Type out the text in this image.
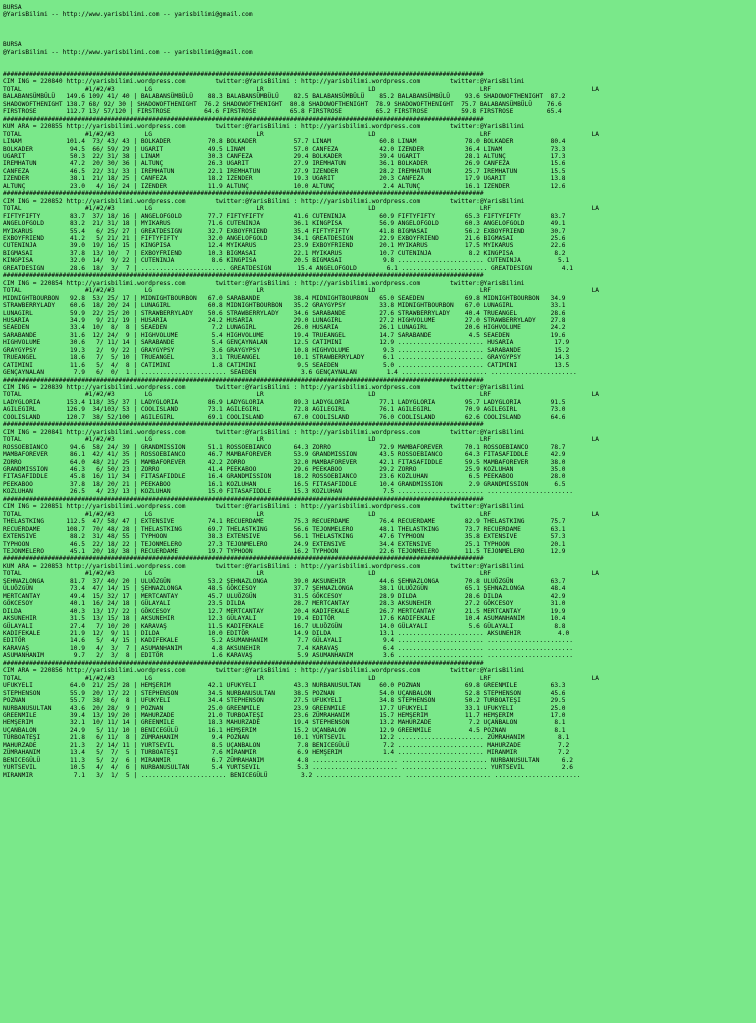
BURSA
@YarisBilimi -- http://www.yarisbilimi.com -- yarisbilimi@gmail.com
BURSA
@YarisBilimi -- http://www.yarisbilimi.com -- yarisbilimi@gmail.com
#################################################################################################################################
CIM ING = 220840 http://yarisbilimi.wordpress.com        twitter:@YarisBilimi : http://yarisbilimi.wordpress.com        twitter:@YarisBilimi
TOTAL                 #1/#2/#3        LG                            LR                            LD                            LRF                           LA
BALABANSÜMBÜLÜ   149.6 109/ 41/ 40 | BALABANSÜMBÜLÜ    88.3 BALABANSÜMBÜLÜ    82.5 BALABANSÜMBÜLÜ    85.2 BALABANSÜMBÜLÜ    93.6 SHADOWOFTHENIGHT  87.2
SHADOWOFTHENIGHT 138.7 68/ 92/ 30 | SHADOWOFTHENIGHT  76.2 SHADOWOFTHENIGHT  80.8 SHADOWOFTHENIGHT  78.9 SHADOWOFTHENIGHT  75.7 BALABANSÜMBÜLÜ    76.6
FIRSTROSE        112.7 13/ 57/120 | FIRSTROSE         64.6 FIRSTROSE         65.8 FIRSTROSE         65.2 FIRSTROSE         59.8 FIRSTROSE         65.4
#################################################################################################################################
KUM ARA = 220855 http://yarisbilimi.wordpress.com        twitter:@YarisBilimi : http://yarisbilimi.wordpress.com        twitter:@YarisBilimi
TOTAL                 #1/#2/#3        LG                            LR                            LD                            LRF                           LA
LINAM            101.4  73/ 43/ 43 | BOLKADER          70.8 BOLKADER          57.7 LINAM             60.8 LINAM             78.0 BOLKADER          80.4
BOLKADER          94.5  66/ 59/ 29 | UGARIT            49.5 LINAM             57.0 CANFEZA           42.0 IZENDER           36.4 LINAM             73.3
UGARIT            50.3  22/ 31/ 38 | LINAM             30.3 CANFEZA           29.4 BOLKADER          39.4 UGARIT            28.1 ALTUNÇ            17.3
IREMHATUN         47.2  20/ 30/ 36 | ALTUNÇ            26.3 UGARIT            27.9 IREMHATUN         36.1 BOLKADER          26.9 CANFEZA           15.6
CANFEZA           46.5  22/ 31/ 33 | IREMHATUN         22.1 IREMHATUN         27.9 IZENDER           28.2 IREMHATUN         25.7 IREMHATUN         15.5
IZENDER           38.1  21/ 18/ 25 | CANFEZA           18.2 IZENDER           19.3 UGARIT            20.3 CANFEZA           17.9 UGARIT            13.8
ALTUNÇ            23.0   4/ 16/ 24 | IZENDER           11.9 ALTUNÇ            10.0 ALTUNÇ             2.4 ALTUNÇ            16.1 IZENDER           12.6
#################################################################################################################################
CIM ING = 220852 http://yarisbilimi.wordpress.com        twitter:@YarisBilimi : http://yarisbilimi.wordpress.com        twitter:@YarisBilimi
TOTAL                 #1/#2/#3        LG                            LR                            LD                            LRF                           LA
FIFTYFIFTY        83.7  37/ 18/ 16 | ANGELOFGOLD       77.7 FIFTYFIFTY        41.6 CUTENINJA         60.9 FIFTYFIFTY        65.3 FIFTYFIFTY        83.7
ANGELOFGOLD       83.2  21/ 31/ 18 | MYIKARUS          71.6 CUTENINJA         36.1 KINGPISA          56.9 ANGELOFGOLD       60.3 ANGELOFGOLD       49.1
MYIKARUS          55.4   6/ 25/ 27 | GREATDESIGN       32.7 EXBOYFRIEND       35.4 FIFTYFIFTY        41.8 BIGMASAI          56.2 EXBOYFRIEND       30.7
EXBOYFRIEND       41.2   5/ 21/ 21 | FIFTYFIFTY        32.0 ANGELOFGOLD       34.1 GREATDESIGN       22.9 EXBOYFRIEND       21.6 BIGMASAI          25.6
CUTENINJA         39.0  19/ 16/ 15 | KINGPISA          12.4 MYIKARUS          23.9 EXBOYFRIEND       20.1 MYIKARUS          17.5 MYIKARUS          22.6
BIGMASAI          37.8  13/ 10/  7 | EXBOYFRIEND       10.3 BIGMASAI          22.1 MYIKARUS          10.7 CUTENINJA          8.2 KINGPISA           8.2
KINGPISA          32.0  14/  9/ 22 | CUTENINJA          8.6 KINGPISA          20.5 BIGMASAI           9.8 ....................... CUTENINJA          5.1
GREATDESIGN       28.6  18/  3/  7 | ....................... GREATDESIGN       15.4 ANGELOFGOLD        6.1 ....................... GREATDESIGN        4.1
#################################################################################################################################
CIM ING = 220854 http://yarisbilimi.wordpress.com        twitter:@YarisBilimi : http://yarisbilimi.wordpress.com        twitter:@YarisBilimi
TOTAL                 #1/#2/#3        LG                            LR                            LD                            LRF                           LA
MIDNIGHTBOURBON   92.8  53/ 25/ 17 | MIDNIGHTBOURBON   67.0 SARABANDE         38.4 MIDNIGHTBOURBON   65.0 SEAEDEN           69.8 MIDNIGHTBOURBON   34.9
STRAWBERRYLADY    60.6  18/ 20/ 24 | LUNAGIRL          60.8 MIDNIGHTBOURBON   35.2 GRAYGYPSY         33.8 MIDNIGHTBOURBON   67.0 LUNAGIRL          33.1
LUNAGIRL          59.9  22/ 25/ 20 | STRAWBERRYLADY    50.6 STRAWBERRYLADY    34.6 SARABANDE         27.6 STRAWBERRYLADY    40.4 TRUEANGEL         28.6
HUSARIA           34.9   9/ 21/ 19 | HUSARIA           24.2 HUSARIA           29.0 LUNAGIRL          27.2 HIGHVOLUME        27.0 STRAWBERRYLADY    27.8
SEAEDEN           33.4  10/  8/  8 | SEAEDEN            7.2 LUNAGIRL          26.0 HUSARIA           26.1 LUNAGIRL          20.6 HIGHVOLUME        24.2
SARABANDE         31.6  12/ 24/  9 | HIGHVOLUME         5.4 HIGHVOLUME        19.4 TRUEANGEL         14.7 SARABANDE          4.5 SEAEDEN           19.6
HIGHVOLUME        30.6   7/ 11/ 14 | SARABANDE          5.4 GENÇAYNALAN       12.5 CATIMINI          12.9 ....................... HUSARIA           17.9
GRAYGYPSY         19.3   2/  9/ 22 | GRAYGYPSY          3.6 GRAYGYPSY         10.8 HIGHVOLUME         9.3 ....................... SARABANDE         15.2
TRUEANGEL         18.6   7/  5/ 10 | TRUEANGEL          3.1 TRUEANGEL         10.1 STRAWBERRYLADY     6.1 ....................... GRAYGYPSY         14.3
CATIMINI          11.6   5/  4/  8 | CATIMINI           1.8 CATIMINI           9.5 SEAEDEN            5.0 ....................... CATIMINI          13.5
GENÇAYNALAN        7.9   6/  0/  1 | ....................... SEAEDEN            3.6 GENÇAYNALAN        1.4 ....................... .......................
#################################################################################################################################
CIM ING = 220839 http://yarisbilimi.wordpress.com        twitter:@YarisBilimi : http://yarisbilimi.wordpress.com        twitter:@YarisBilimi
TOTAL                 #1/#2/#3        LG                            LR                            LD                            LRF                           LA
LADYGLORIA       153.4 118/ 35/ 37 | LADYGLORIA        86.9 LADYGLORIA        89.3 LADYGLORIA        77.1 LADYGLORIA        95.7 LADYGLORIA        91.5
AGILEGIRL        126.9  34/103/ 53 | COOLISLAND        73.1 AGILEGIRL         72.8 AGILEGIRL         76.1 AGILEGIRL         70.9 AGILEGIRL         73.0
COOLISLAND       120.7  38/ 52/100 | AGILEGIRL         69.1 COOLISLAND        67.0 COOLISLAND        76.0 COOLISLAND        62.6 COOLISLAND        64.6
#################################################################################################################################
CIM ING = 220841 http://yarisbilimi.wordpress.com        twitter:@YarisBilimi : http://yarisbilimi.wordpress.com        twitter:@YarisBilimi
TOTAL                 #1/#2/#3        LG                            LR                            LD                            LRF                           LA
ROSSOEBIANCO      94.6  58/ 24/ 39 | GRANDMISSION      51.1 ROSSOEBIANCO      64.3 ZORRO             72.9 MAMBAFOREVER      70.1 ROSSOEBIANCO      78.7
MAMBAFOREVER      86.1  42/ 41/ 35 | ROSSOEBIANCO      46.7 MAMBAFOREVER      53.9 GRANDMISSION      43.5 ROSSOEBIANCO      64.3 FITASAFIDDLE      42.9
ZORRO             64.0  48/ 21/ 25 | MAMBAFOREVER      42.2 ZORRO             32.0 MAMBAFOREVER      42.1 FITASAFIDDLE      59.5 MAMBAFOREVER      38.0
GRANDMISSION      46.3   6/ 50/ 23 | ZORRO             41.4 PEEKABOO          29.6 PEEKABOO          29.2 ZORRO             25.9 KOZLUHAN          35.0
FITASAFIDDLE      45.8  16/ 11/ 34 | FITASAFIDDLE      16.4 GRANDMISSION      18.2 ROSSOEBIANCO      23.6 KOZLUHAN           6.5 PEEKABOO          28.0
PEEKABOO          37.8  18/ 20/ 21 | PEEKABOO          16.1 KOZLUHAN          16.5 FITASAFIDDLE      10.4 GRANDMISSION       2.9 GRANDMISSION       6.5
KOZLUHAN          26.5   4/ 23/ 13 | KOZLUHAN          15.0 FITASAFIDDLE      15.3 KOZLUHAN           7.5 ....................... .......................
#################################################################################################################################
CIM ING = 220851 http://yarisbilimi.wordpress.com        twitter:@YarisBilimi : http://yarisbilimi.wordpress.com        twitter:@YarisBilimi
TOTAL                 #1/#2/#3        LG                            LR                            LD                            LRF                           LA
THELASTKING      112.5  47/ 58/ 47 | EXTENSIVE         74.1 RECUERDAME        75.3 RECUERDAME        76.4 RECUERDAME        82.9 THELASTKING       75.7
RECUERDAME       108.7  70/ 48/ 28 | THELASTKING       69.7 THELASTKING       56.6 TEJONMELERO       48.1 THELASTKING       73.7 RECUERDAME        63.1
EXTENSIVE         88.2  31/ 48/ 55 | TYPHOON           38.3 EXTENSIVE         56.1 THELASTKING       47.6 TYPHOON           35.8 EXTENSIVE         57.3
TYPHOON           46.5  22/ 18/ 22 | TEJONMELERO       27.3 TEJONMELERO       24.9 EXTENSIVE         34.4 EXTENSIVE         25.1 TYPHOON           20.1
TEJONMELERO       45.1  20/ 18/ 38 | RECUERDAME        19.7 TYPHOON           16.2 TYPHOON           22.6 TEJONMELERO       11.5 TEJONMELERO       12.9
#################################################################################################################################
KUM ARA = 220853 http://yarisbilimi.wordpress.com        twitter:@YarisBilimi : http://yarisbilimi.wordpress.com        twitter:@YarisBilimi
TOTAL                 #1/#2/#3        LG                            LR                            LD                            LRF                           LA
ŞEHNAZLONGA       81.7  37/ 40/ 20 | ULUÖZGÜN          53.2 ŞEHNAZLONGA       39.0 AKSUNEHIR         44.6 ŞEHNAZLONGA       70.8 ULUÖZGÜN          63.7
ULUÖZGÜN          73.4  47/ 14/ 15 | ŞEHNAZLONGA       48.5 GÖKCESOY          37.7 ŞEHNAZLONGA       38.1 ULUÖZGÜN          65.1 ŞEHNAZLONGA       48.4
MERTCANTAY        49.4  15/ 32/ 17 | MERTCANTAY        45.7 ULUÖZGÜN          31.5 GÖKCESOY          28.9 DILDA             28.6 DILDA             42.9
GÖKCESOY          40.1  16/ 24/ 18 | GÜLAYALI          23.5 DILDA             28.7 MERTCANTAY        28.3 AKSUNEHIR         27.2 GÖKCESOY          31.0
DILDA             40.3  13/ 17/ 22 | GÖKCESOY          12.7 MERTCANTAY        20.4 KADIFEKALE        26.7 MERTCANTAY        21.5 MERTCANTAY        19.9
AKSUNEHIR         31.5  13/ 15/ 18 | AKSUNEHIR         12.3 GÜLAYALI          19.4 EDITÖR            17.6 KADIFEKALE        10.4 ASUMANHANIM       10.4
GÜLAYALI          27.4   7/ 10/ 20 | KARAVAŞ           11.5 KADIFEKALE        16.7 ULUÖZGÜN          14.0 GÜLAYALI           5.6 GÜLAYALI           8.8
KADIFEKALE        21.9  12/  9/ 11 | DILDA             10.0 EDITÖR            14.9 DILDA             13.1 ....................... AKSUNEHIR          4.0
EDITÖR            14.6   5/  4/ 15 | KADIFEKALE         5.2 ASUMANHANIM        7.7 GÜLAYALI           9.4 ....................... .......................
KARAVAŞ           10.9   4/  3/  7 | ASUMANHANIM        4.8 AKSUNEHIR          7.4 KARAVAŞ            6.4 ....................... .......................
ASUMANHANIM        9.7   2/  3/  8 | EDITÖR             1.6 KARAVAŞ            5.9 ASUMANHANIM        3.6 ....................... .......................
#################################################################################################################################
CIM ARA = 220856 http://yarisbilimi.wordpress.com        twitter:@YarisBilimi : http://yarisbilimi.wordpress.com        twitter:@YarisBilimi
TOTAL                 #1/#2/#3        LG                            LR                            LD                            LRF                           LA
UFUKYELI          64.0  21/ 25/ 28 | HEMŞERIM          42.1 UFUKYELI          43.3 NURBANUSULTAN     60.0 POZNAN            69.8 GREENMILE         63.3
STEPHENSON        55.9  20/ 17/ 22 | STEPHENSON        34.5 NURBANUSULTAN     38.5 POZNAN            54.0 UÇANBALON         52.8 STEPHENSON        45.6
POZNAN            55.7  38/  6/  8 | UFUKYELI          34.4 STEPHENSON        27.5 UFUKYELI          34.8 STEPHENSON        50.2 TURBOATEŞI        29.5
NURBANUSULTAN     43.6  20/ 28/  9 | POZNAN            25.0 GREENMILE         23.9 GREENMILE         17.7 UFUKYELI          33.1 UFUKYELI          25.0
GREENMILE         39.4  13/ 19/ 20 | MAHURZADE         21.0 TURBOATEŞI        23.6 ZÜMRAHANIM        15.7 HEMŞERIM          11.7 HEMŞERIM          17.0
HEMŞERIM          32.1  10/ 11/ 14 | GREENMILE         18.3 MAHURZADE         19.4 STEPHENSON        13.2 MAHURZADE          7.2 UÇANBALON          8.1
UÇANBALON         24.9   5/ 11/ 10 | BENICEGÜLÜ        16.1 HEMŞERIM          15.2 UÇANBALON         12.9 GREENMILE          4.5 POZNAN             8.1
TURBOATEŞI        21.8   6/ 11/  8 | ZÜMRAHANIM         9.4 POZNAN            10.1 YURTSEVIL         12.2 ....................... ZÜMRAHANIM         8.1
MAHURZADE         21.3   2/ 14/ 11 | YURTSEVIL          8.5 UÇANBALON          7.8 BENICEGÜLÜ         7.2 ....................... MAHURZADE          7.2
ZÜMRAHANIM        13.4   5/  7/  5 | TURBOATEŞI         7.6 MIRANMIR           6.9 HEMŞERIM           1.4 ....................... MIRANMIR           7.2
BENICEGÜLÜ        11.3   5/  2/  6 | MIRANMIR           6.7 ZÜMRAHANIM         4.8 ....................... ....................... NURBANUSULTAN      6.2
YURTSEVIL         10.5   4/  4/  6 | NURBANUSULTAN      5.4 YURTSEVIL          5.3 ....................... ....................... YURTSEVIL          2.6
MIRANMIR           7.1   3/  1/  5 | ....................... BENICEGÜLÜ         3.2 ....................... ....................... .......................
